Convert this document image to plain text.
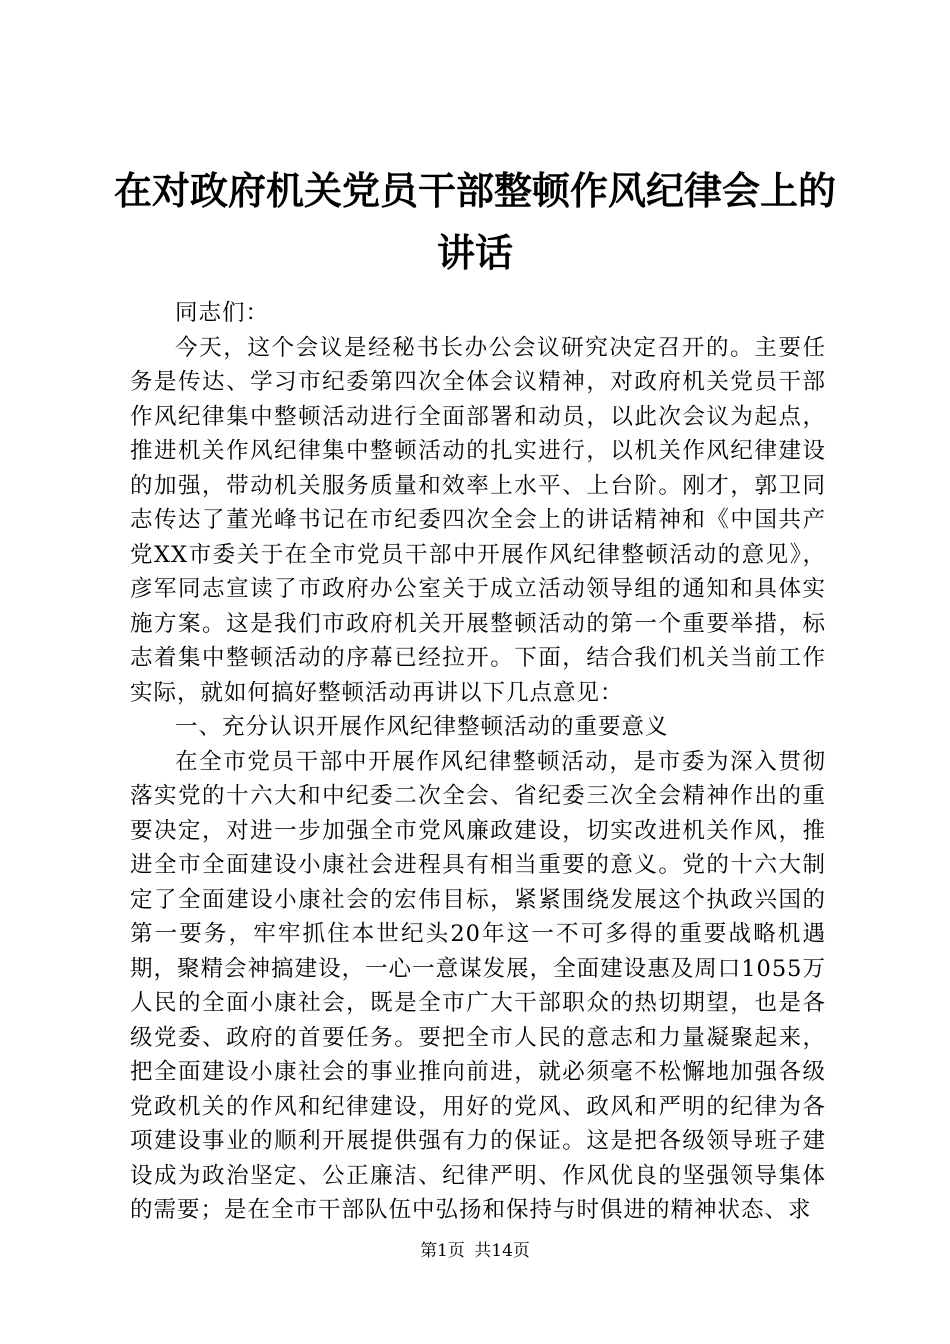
在对政府机关党员干部整顿作风纪律会上的讲话

同志们：

今天，这个会议是经秘书长办公会议研究决定召开的。主要任务是传达、学习市纪委第四次全体会议精神，对政府机关党员干部作风纪律集中整顿活动进行全面部署和动员，以此次会议为起点，推进机关作风纪律集中整顿活动的扎实进行，以机关作风纪律建设的加强，带动机关服务质量和效率上水平、上台阶。刚才，郭卫同志传达了董光峰书记在市纪委四次全会上的讲话精神和《中国共产党XX市委关于在全市党员干部中开展作风纪律整顿活动的意见》，彦军同志宣读了市政府办公室关于成立活动领导组的通知和具体实施方案。这是我们市政府机关开展整顿活动的第一个重要举措，标志着集中整顿活动的序幕已经拉开。下面，结合我们机关当前工作实际，就如何搞好整顿活动再讲以下几点意见：

一、充分认识开展作风纪律整顿活动的重要意义

在全市党员干部中开展作风纪律整顿活动，是市委为深入贯彻落实党的十六大和中纪委二次全会、省纪委三次全会精神作出的重要决定，对进一步加强全市党风廉政建设，切实改进机关作风，推进全市全面建设小康社会进程具有相当重要的意义。党的十六大制定了全面建设小康社会的宏伟目标，紧紧围绕发展这个执政兴国的第一要务，牢牢抓住本世纪头20年这一不可多得的重要战略机遇期，聚精会神搞建设，一心一意谋发展，全面建设惠及周口1055万人民的全面小康社会，既是全市广大干部职众的热切期望，也是各级党委、政府的首要任务。要把全市人民的意志和力量凝聚起来，把全面建设小康社会的事业推向前进，就必须毫不松懈地加强各级党政机关的作风和纪律建设，用好的党风、政风和严明的纪律为各项建设事业的顺利开展提供强有力的保证。这是把各级领导班子建设成为政治坚定、公正廉洁、纪律严明、作风优良的坚强领导集体的需要；是在全市干部队伍中弘扬和保持与时俱进的精神状态、求

第1页 共14页
